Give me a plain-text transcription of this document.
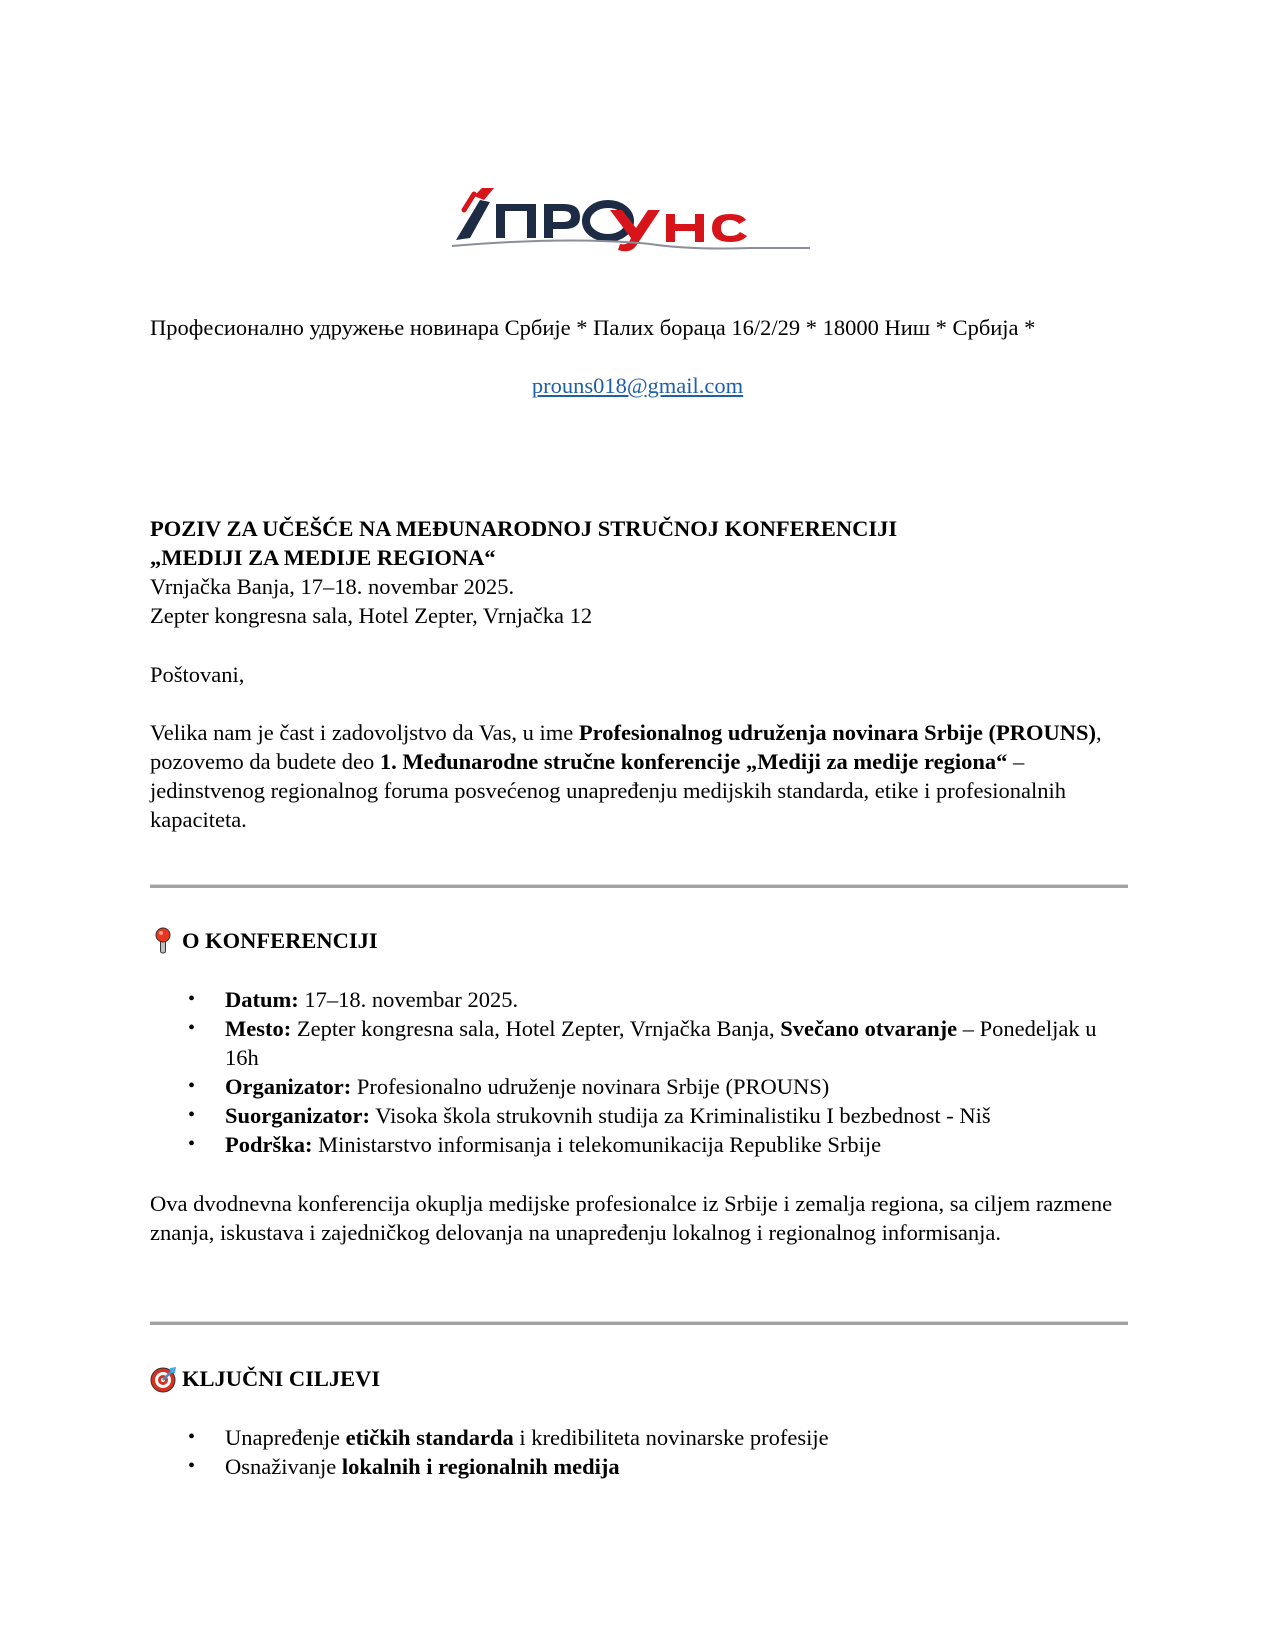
Професионално удружење новинара Србије * Палих бораца 16/2/29 * 18000 Ниш * Србија *
prouns018@gmail.com
POZIV ZA UČEŠĆE NA MEĐUNARODNOJ STRUČNOJ KONFERENCIJI
„MEDIJI ZA MEDIJE REGIONA“
Vrnjačka Banja, 17–18. novembar 2025.
Zepter kongresna sala, Hotel Zepter, Vrnjačka 12
Poštovani,
Velika nam je čast i zadovoljstvo da Vas, u ime Profesionalnog udruženja novinara Srbije (PROUNS), pozovemo da budete deo 1. Međunarodne stručne konferencije „Mediji za medije regiona“ – jedinstvenog regionalnog foruma posvećenog unapređenju medijskih standarda, etike i profesionalnih kapaciteta.
O KONFERENCIJI
• Datum: 17–18. novembar 2025.
• Mesto: Zepter kongresna sala, Hotel Zepter, Vrnjačka Banja, Svečano otvaranje – Ponedeljak u 16h
• Organizator: Profesionalno udruženje novinara Srbije (PROUNS)
• Suorganizator: Visoka škola strukovnih studija za Kriminalistiku I bezbednost - Niš
• Podrška: Ministarstvo informisanja i telekomunikacija Republike Srbije
Ova dvodnevna konferencija okuplja medijske profesionalce iz Srbije i zemalja regiona, sa ciljem razmene znanja, iskustava i zajedničkog delovanja na unapređenju lokalnog i regionalnog informisanja.
KLJUČNI CILJEVI
• Unapređenje etičkih standarda i kredibiliteta novinarske profesije
• Osnaživanje lokalnih i regionalnih medija
